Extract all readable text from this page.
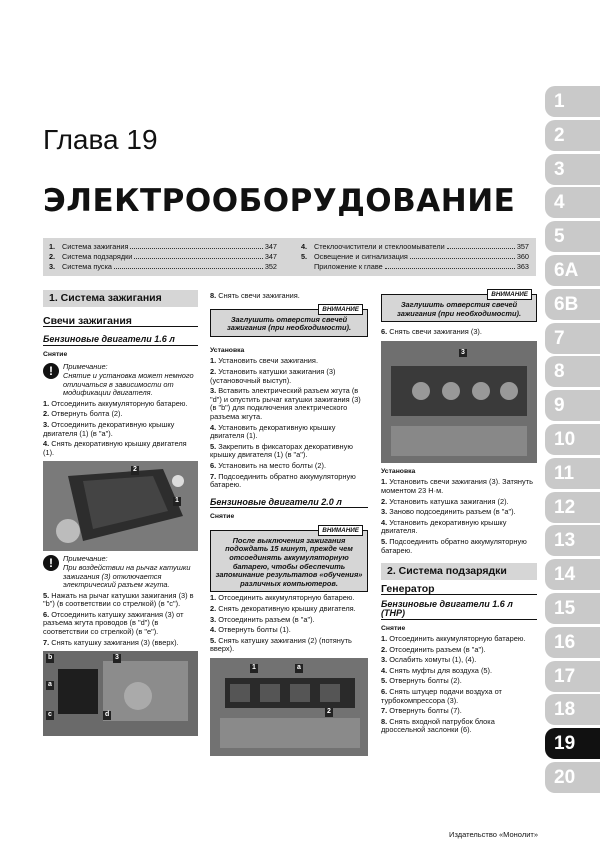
Глава 19
ЭЛЕКТРООБОРУДОВАНИЕ
1. Система зажигания	347
2. Система подзарядки	347
3. Система пуска	352
4. Стеклоочистители и стеклоомыватели	357
5. Освещение и сигнализация	360
Приложение к главе	363
1
2
3
4
5
6A
6B
7
8
9
10
11
12
13
14
15
16
17
18
19
20
1. Система зажигания
Свечи зажигания
Бензиновые двигатели 1.6 л
Снятие
!	Примечание:
Снятие и установка может немного отличаться в зависимости от модификации двигателя.
1. Отсоединить аккумуляторную батарею.
2. Отвернуть болта (2).
3. Отсоединить декоративную крышку двигателя (1) (в "a").
4. Снять декоративную крышку двигателя (1).
2
1
!	Примечание:
При воздействии на рычаг катушки зажигания (3) отключается электрический разъем жгута.
5. Нажать на рычаг катушки зажигания (3) в "b") (в соответствии со стрелкой) (в "c").
6. Отсоединить катушку зажигания (3) от разъема жгута проводов (в "d") (в соответствии со стрелкой) (в "e").
7. Снять катушку зажигания (3) (вверх).
b	3
a
c	d
8. Снять свечи зажигания.
ВНИМАНИЕ
Заглушить отверстия свечей зажигания (при необходимости).
Установка
1. Установить свечи зажигания.
2. Установить катушки зажигания (3) (установочный выступ).
3. Вставить электрический разъем жгута (в "d") и опустить рычаг катушки зажигания (3) (в "b") для подключения электрического разъема жгута.
4. Установить декоративную крышку двигателя (1).
5. Закрепить в фиксаторах декоративную крышку двигателя (1) (в "a").
6. Установить на место болты (2).
7. Подсоединить обратно аккумуляторную батарею.
Бензиновые двигатели 2.0 л
Снятие
ВНИМАНИЕ
После выключения зажигания подождать 15 минут, прежде чем отсоединять аккумуляторную батарею, чтобы обеспечить запоминание результатов «обучения» различных компьютеров.
1. Отсоединить аккумуляторную батарею.
2. Снять декоративную крышку двигателя.
3. Отсоединить разъем (в "a").
4. Отвернуть болты (1).
5. Снять катушку зажигания (2) (потянуть вверх).
1
2
a
ВНИМАНИЕ
Заглушить отверстия свечей зажигания (при необходимости).
6. Снять свечи зажигания (3).
3
Установка
1. Установить свечи зажигания (3). Затянуть моментом 23 Н·м.
2. Установить катушка зажигания (2).
3. Заново подсоединить разъем (в "a").
4. Установить декоративную крышку двигателя.
5. Подсоединить обратно аккумуляторную батарею.
2. Система подзарядки
Генератор
Бензиновые двигатели 1.6 л (THP)
Снятие
1. Отсоединить аккумуляторную батарею.
2. Отсоединить разъем (в "a").
3. Ослабить хомуты (1), (4).
4. Снять муфты для воздуха (5).
5. Отвернуть болты (2).
6. Снять штуцер подачи воздуха от турбокомпрессора (3).
7. Отвернуть болты (7).
8. Снять входной патрубок блока дроссельной заслонки (6).
Издательство «Монолит»
